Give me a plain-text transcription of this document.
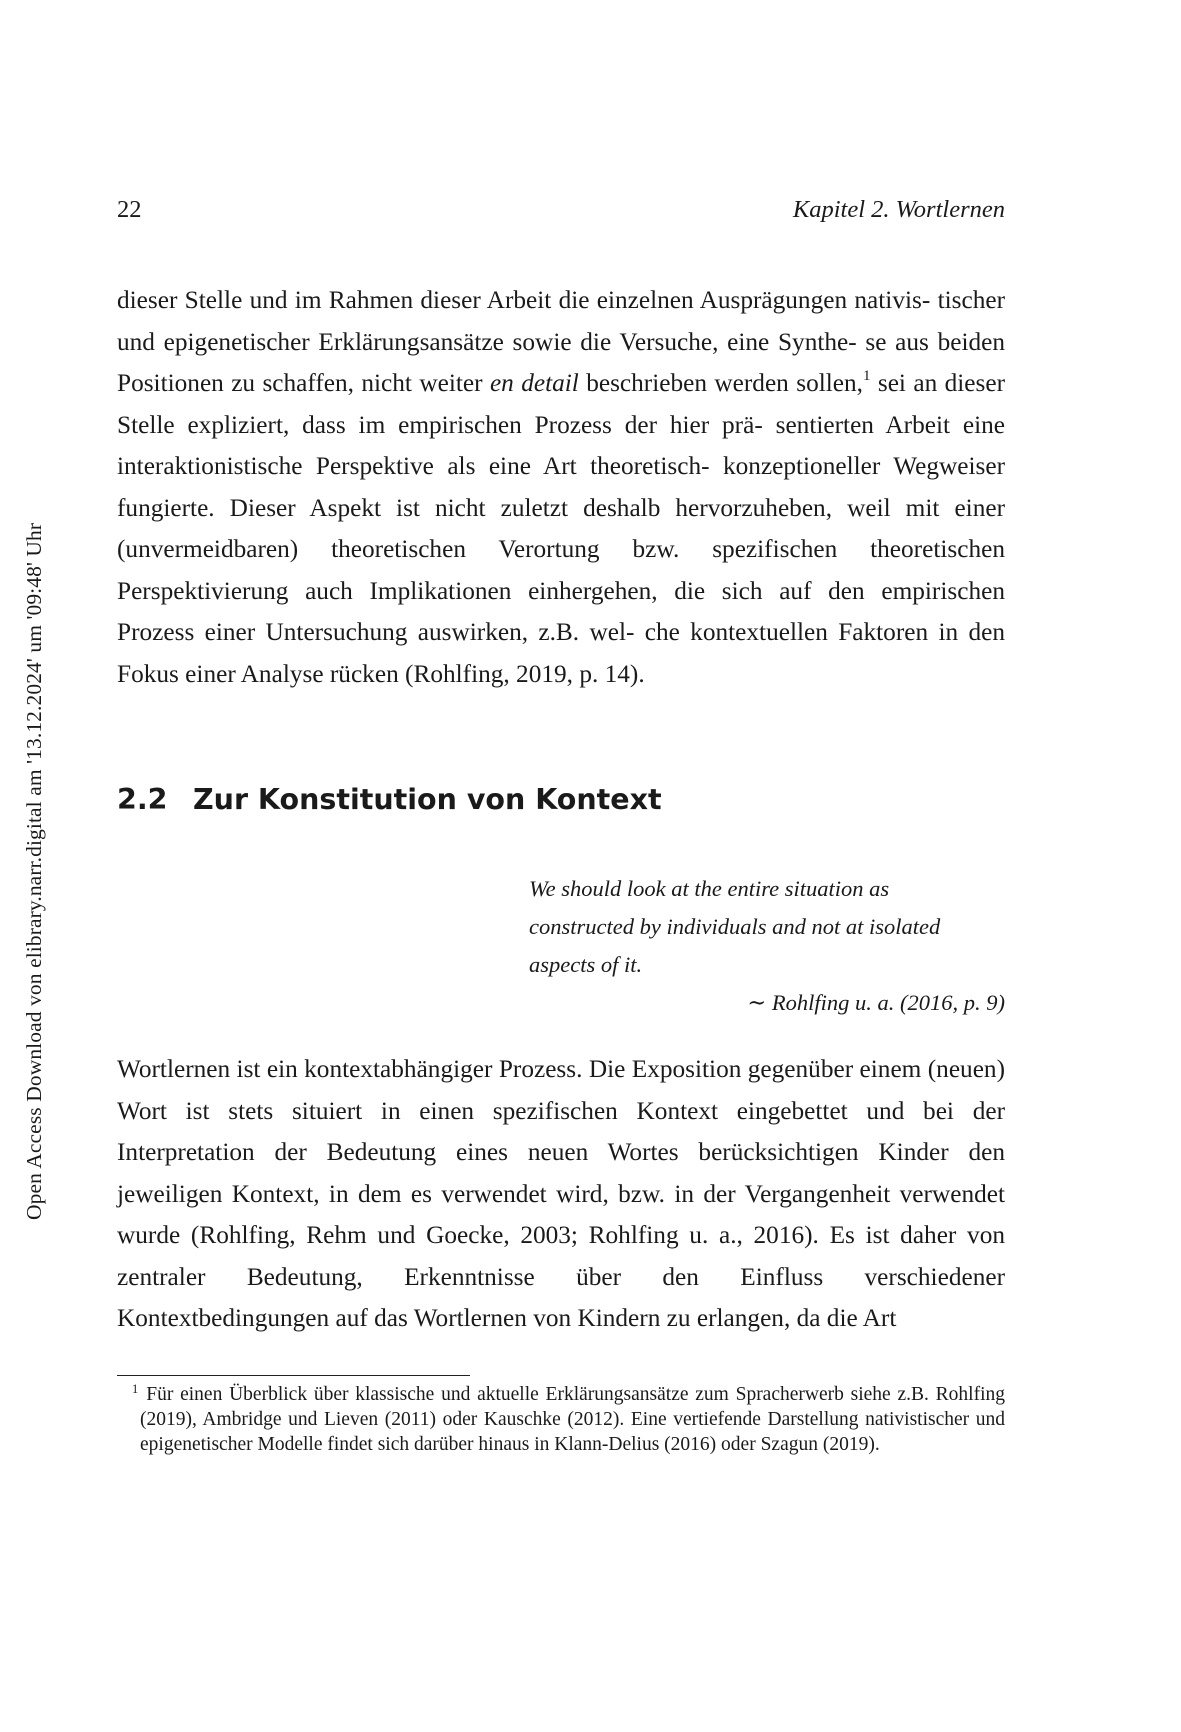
Open Access Download von elibrary.narr.digital am '13.12.2024' um '09:48' Uhr
22	Kapitel 2. Wortlernen

dieser Stelle und im Rahmen dieser Arbeit die einzelnen Ausprägungen nativis- tischer und epigenetischer Erklärungsansätze sowie die Versuche, eine Synthe- se aus beiden Positionen zu schaffen, nicht weiter en detail beschrieben werden sollen,$^1$ sei an dieser Stelle expliziert, dass im empirischen Prozess der hier prä- sentierten Arbeit eine interaktionistische Perspektive als eine Art theoretisch- konzeptioneller Wegweiser fungierte. Dieser Aspekt ist nicht zuletzt deshalb hervorzuheben, weil mit einer (unvermeidbaren) theoretischen Verortung bzw. spezifischen theoretischen Perspektivierung auch Implikationen einhergehen, die sich auf den empirischen Prozess einer Untersuchung auswirken, z.B. wel- che kontextuellen Faktoren in den Fokus einer Analyse rücken (Rohlfing, 2019, p. 14).

2.2 Zur Konstitution von Kontext

We should look at the entire situation as
constructed by individuals and not at isolated
aspects of it.

∼ Rohlfing u. a. (2016, p. 9)

Wortlernen ist ein kontextabhängiger Prozess. Die Exposition gegenüber einem (neuen) Wort ist stets situiert in einen spezifischen Kontext eingebettet und bei der Interpretation der Bedeutung eines neuen Wortes berücksichtigen Kinder den jeweiligen Kontext, in dem es verwendet wird, bzw. in der Vergangenheit verwendet wurde (Rohlfing, Rehm und Goecke, 2003; Rohlfing u. a., 2016). Es ist daher von zentraler Bedeutung, Erkenntnisse über den Einfluss verschiedener Kontextbedingungen auf das Wortlernen von Kindern zu erlangen, da die Art

$^1$ Für einen Überblick über klassische und aktuelle Erklärungsansätze zum Spracherwerb siehe z.B. Rohlfing (2019), Ambridge und Lieven (2011) oder Kauschke (2012). Eine vertiefende Darstellung nativistischer und epigenetischer Modelle findet sich darüber hinaus in Klann-Delius (2016) oder Szagun (2019).
